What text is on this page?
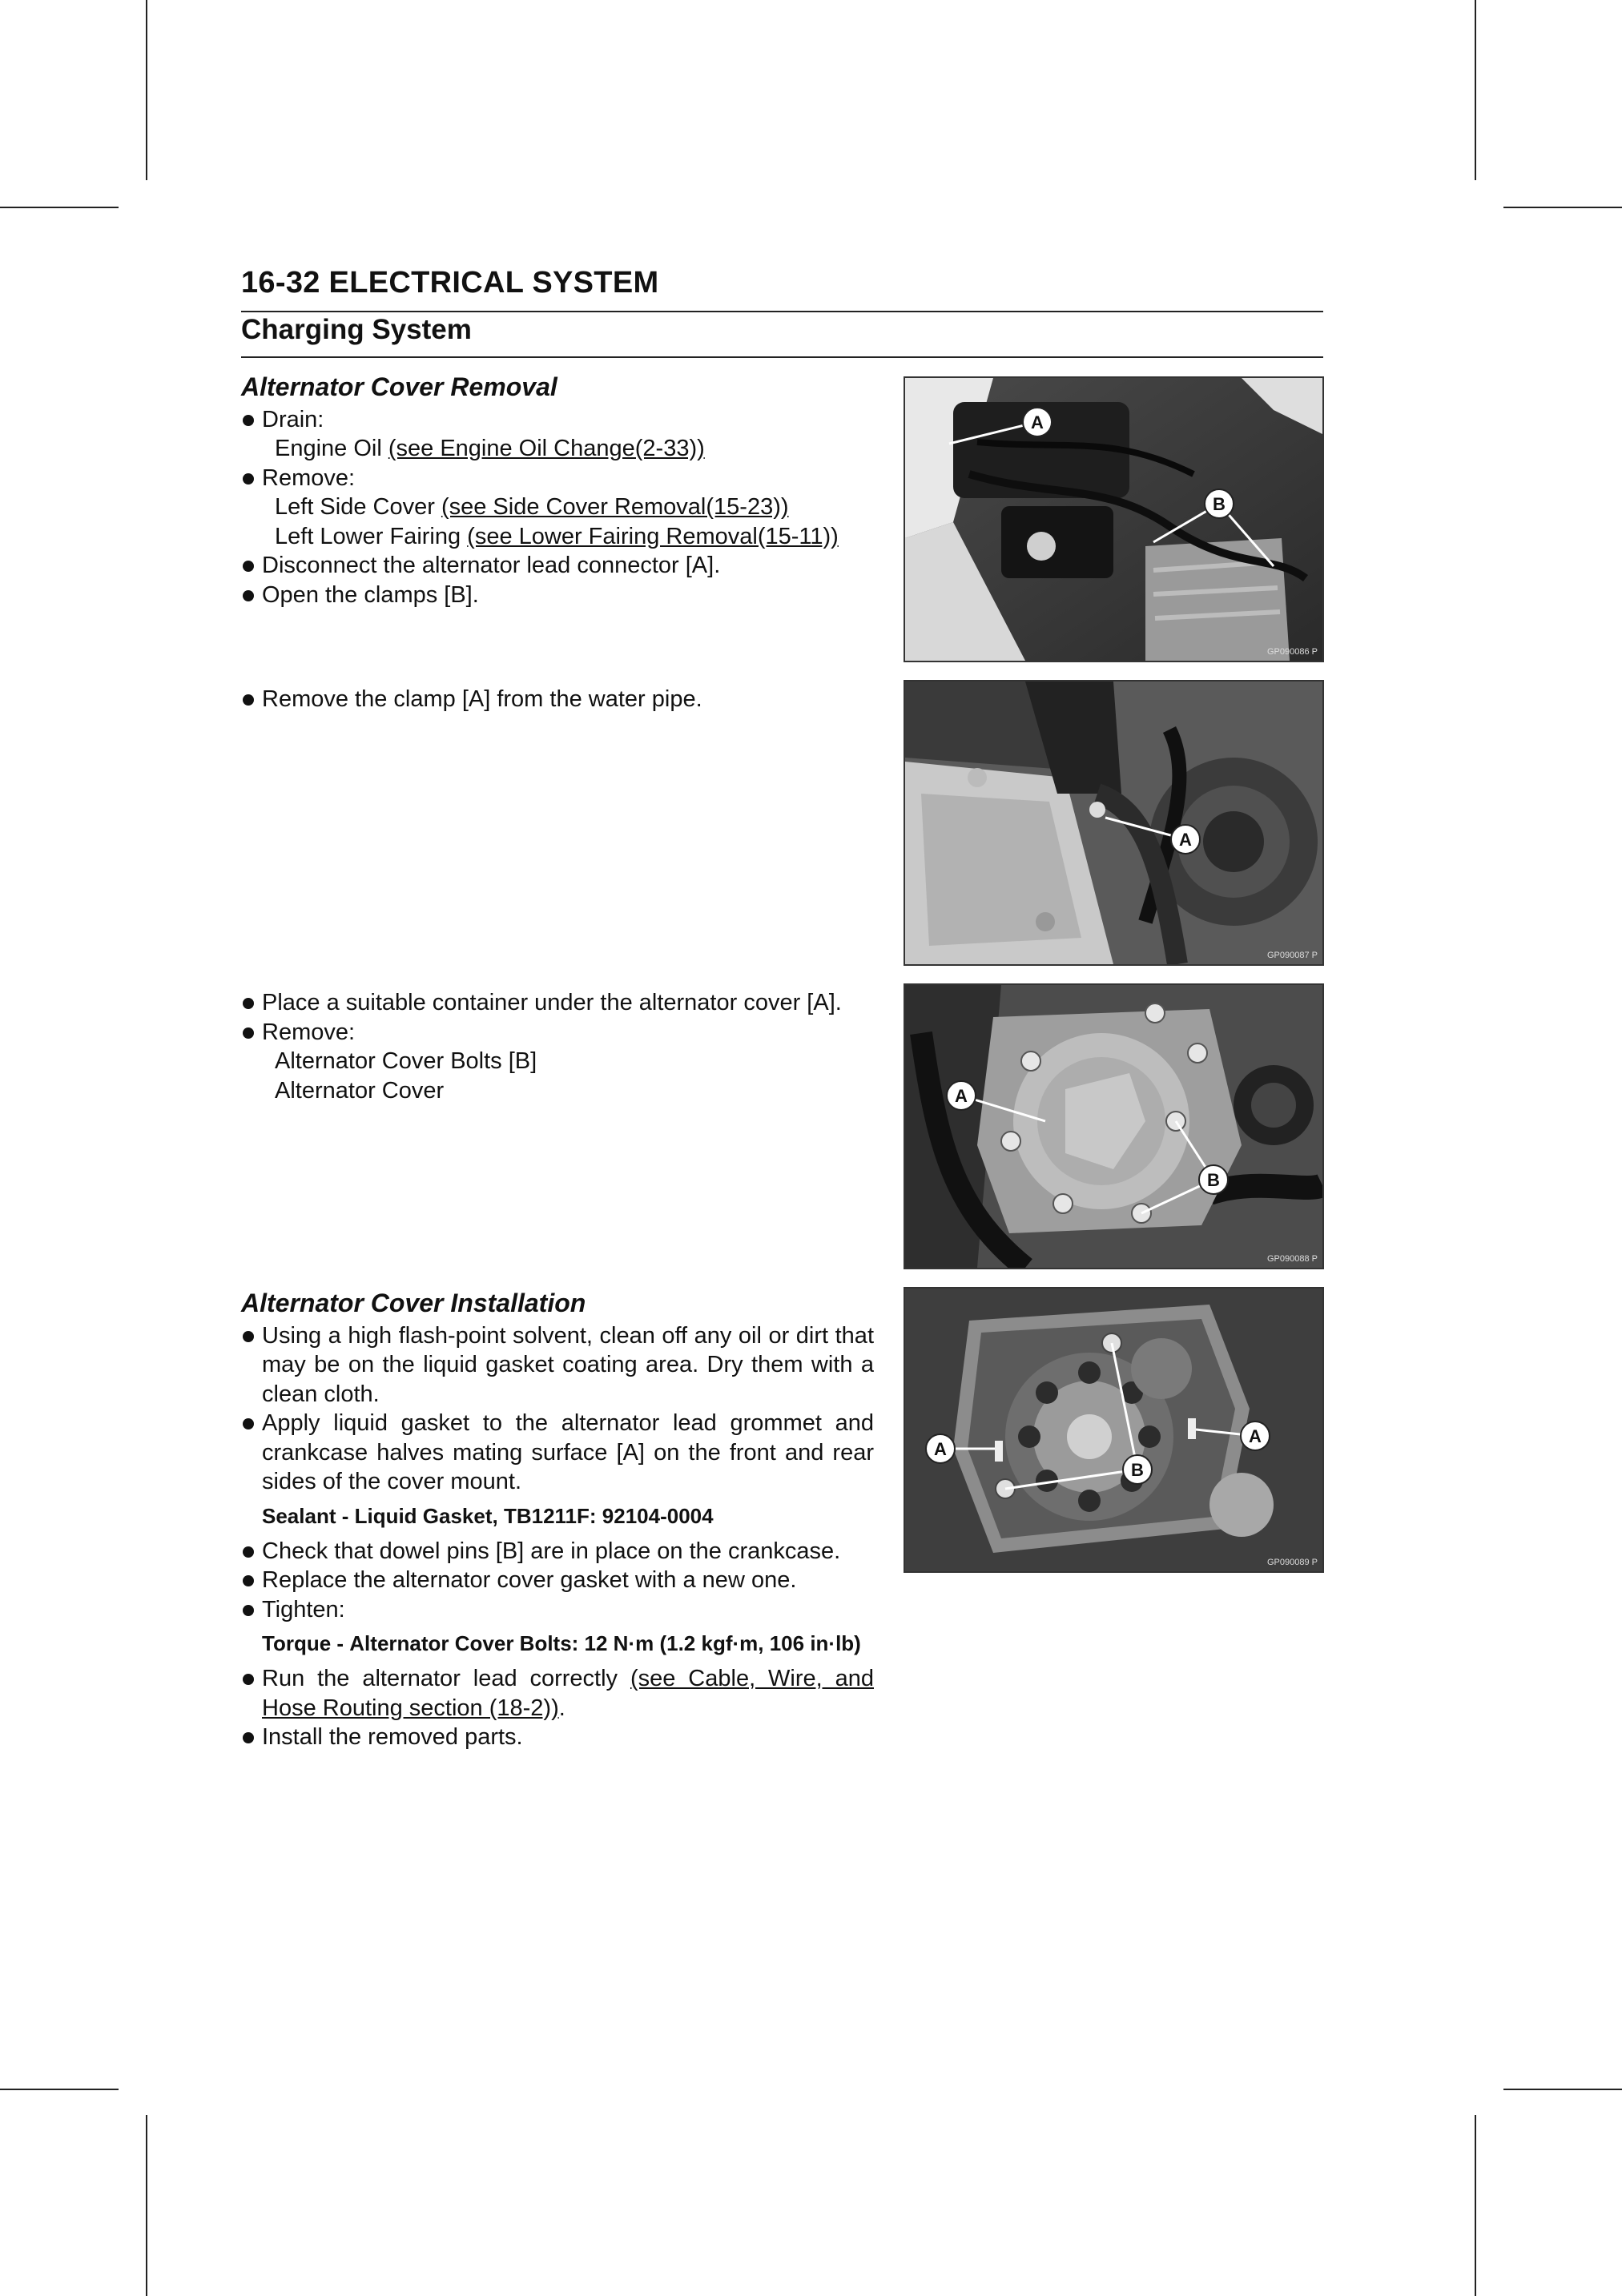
16-32 ELECTRICAL SYSTEM
Charging System
Alternator Cover Removal
Drain:
Engine Oil (see Engine Oil Change(2-33))
Remove:
Left Side Cover (see Side Cover Removal(15-23))
Left Lower Fairing (see Lower Fairing Removal(15-11))
Disconnect the alternator lead connector [A].
Open the clamps [B].
Remove the clamp [A] from the water pipe.
Place a suitable container under the alternator cover [A].
Remove:
Alternator Cover Bolts [B]
Alternator Cover
Alternator Cover Installation
Using a high flash-point solvent, clean off any oil or dirt that may be on the liquid gasket coating area. Dry them with a clean cloth.
Apply liquid gasket to the alternator lead grommet and crankcase halves mating surface [A] on the front and rear sides of the cover mount.
Sealant - Liquid Gasket, TB1211F: 92104-0004
Check that dowel pins [B] are in place on the crankcase.
Replace the alternator cover gasket with a new one.
Tighten:
Torque - Alternator Cover Bolts: 12 N·m (1.2 kgf·m, 106 in·lb)
Run the alternator lead correctly (see Cable, Wire, and Hose Routing section (18-2)).
Install the removed parts.
A
B
GP090086 P
A
GP090087 P
A
B
GP090088 P
A
B
A
GP090089 P
